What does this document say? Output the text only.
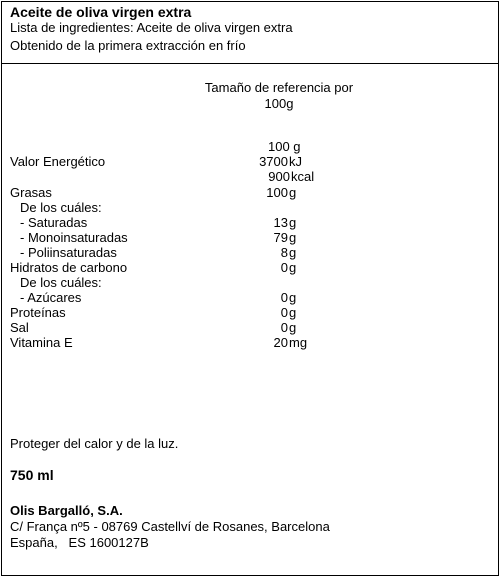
Aceite de oliva virgen extra

Lista de ingredientes: Aceite de oliva virgen extra

Obtenido de la primera extracción en frío

Tamaño de referencia por 100g
100 g
Valor Energético	3700 kJ
900 kcal
Grasas	100 g
De los cuáles:
- Saturadas	13 g
- Monoinsaturadas	79 g
- Poliinsaturadas	8 g
Hidratos de carbono	0 g
De los cuáles:
- Azúcares	0 g
Proteínas	0 g
Sal	0 g
Vitamina E	20 mg
Proteger del calor y de la luz.
750 ml
Olis Bargalló, S.A.
C/ França nº5 - 08769 Castellví de Rosanes, Barcelona
España,   ES 1600127B
